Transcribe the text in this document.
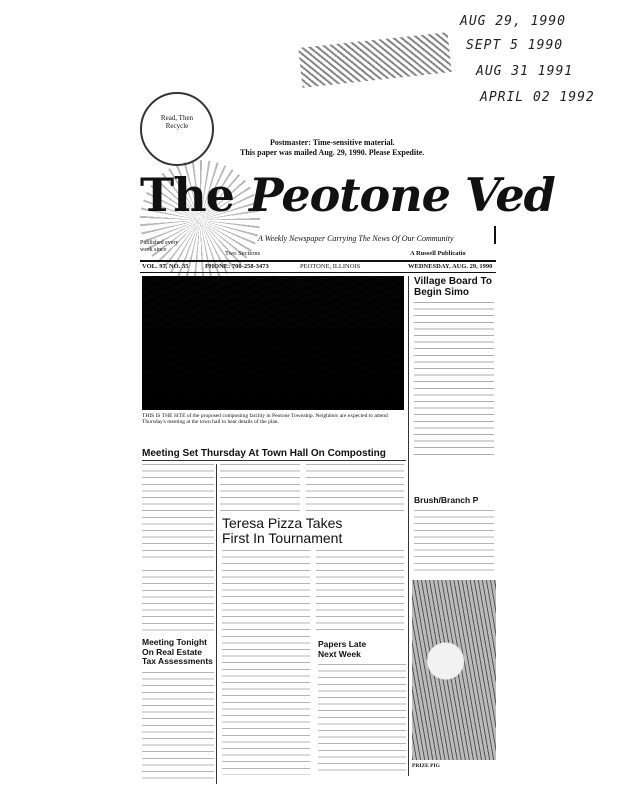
AUG 29, 1990
SEPT 5 1990
AUG 31 1991
APRIL 02 1992
Read, Then Recycle
Postmaster: Time-sensitive material.
This paper was mailed Aug. 29, 1990. Please Expedite.
The Peotone Ved
Published every week since
A Weekly Newspaper Carrying The News Of Our Community
Two Sections	A Russell Publicatio
VOL. 97, NO. 35	PHONE: 708-258-3473	PEOTONE, ILLINOIS	WEDNESDAY, AUG. 29, 1990
THIS IS THE SITE of the proposed composting facility in Peotone Township. Neighbors are expected to attend Thursday's meeting at the town hall to hear details of the plan.
Village Board To Begin Simo
Meeting Set Thursday At Town Hall On Composting
Teresa Pizza Takes
First In Tournament
Meeting Tonight
On Real Estate
Tax Assessments
Papers Late
Next Week
Brush/Branch P
PRIZE PIG
